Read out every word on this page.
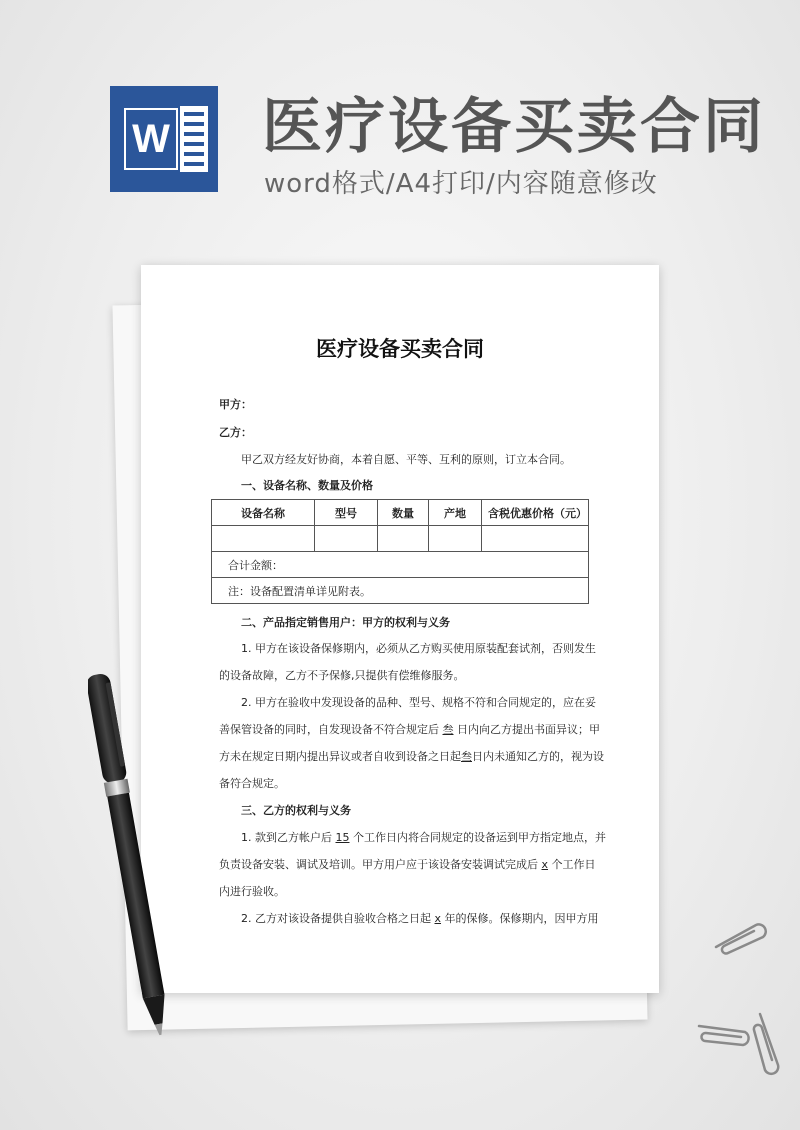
W 医疗设备买卖合同
word格式/A4打印/内容随意修改
医疗设备买卖合同
甲方：
乙方：
甲乙双方经友好协商，本着自愿、平等、互利的原则，订立本合同。
一、设备名称、数量及价格
设备名称	型号	数量	产地	含税优惠价格（元）

合计金额：				
注：设备配置清单详见附表。				
二、产品指定销售用户：甲方的权利与义务
1. 甲方在该设备保修期内，必须从乙方购买使用原装配套试剂，否则发生
的设备故障，乙方不予保修,只提供有偿维修服务。
2. 甲方在验收中发现设备的品种、型号、规格不符和合同规定的，应在妥
善保管设备的同时，自发现设备不符合规定后 叁 日内向乙方提出书面异议；甲
方未在规定日期内提出异议或者自收到设备之日起叁日内未通知乙方的，视为设
备符合规定。
三、乙方的权利与义务
1. 款到乙方帐户后 15 个工作日内将合同规定的设备运到甲方指定地点，并
负责设备安装、调试及培训。甲方用户应于该设备安装调试完成后 x 个工作日
内进行验收。
2. 乙方对该设备提供自验收合格之日起 x 年的保修。保修期内，因甲方用
